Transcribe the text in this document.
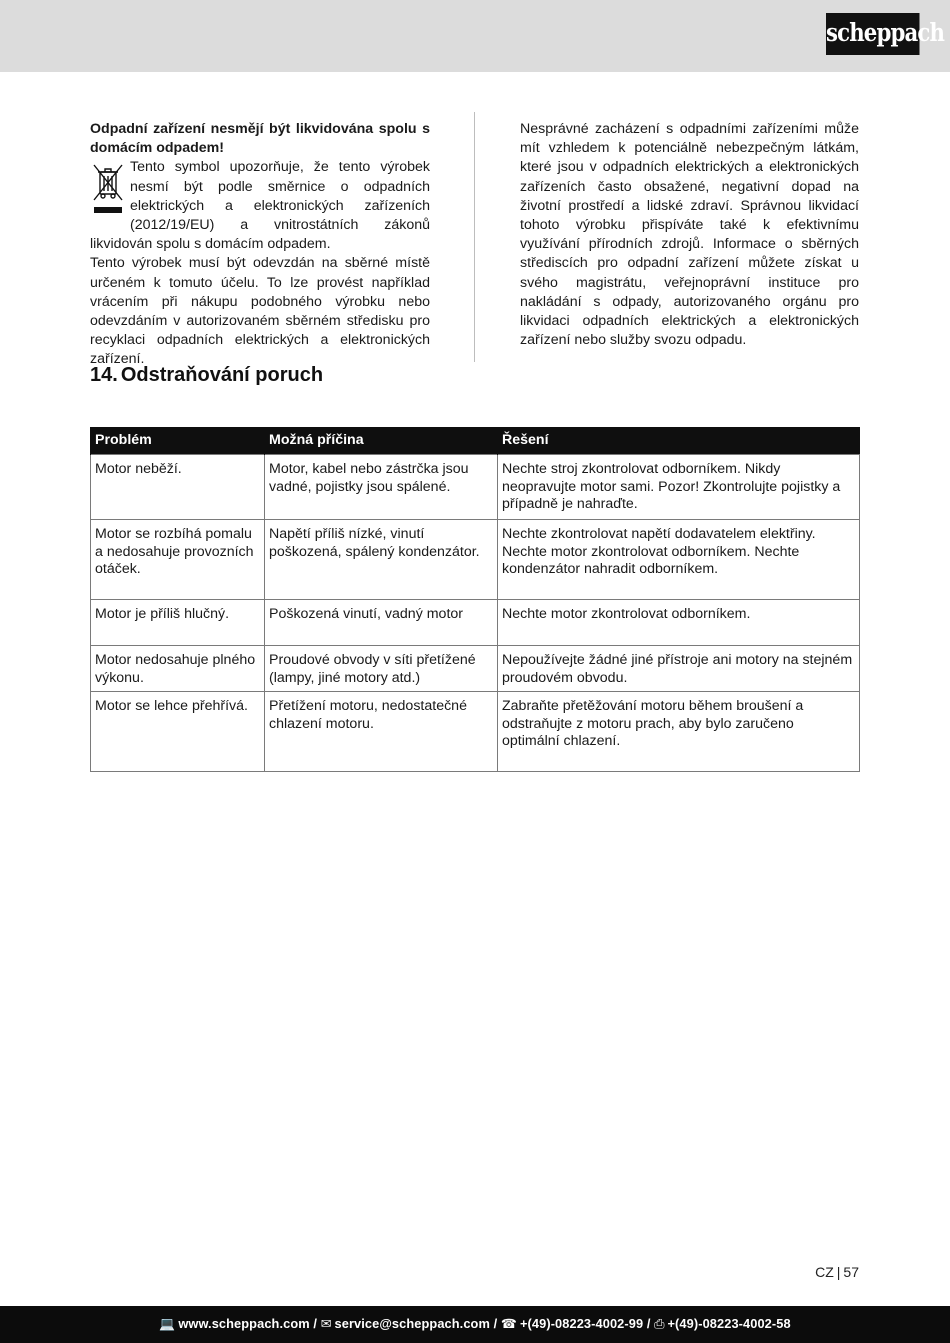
scheppach

Odpadní zařízení nesmějí být likvidována spolu s domácím odpadem!

Tento symbol upozorňuje, že tento výrobek nesmí být podle směrnice o odpadních elektrických a elektronických zařízeních (2012/19/EU) a vnitrostátních zákonů likvidován spolu s domácím odpadem.

Tento výrobek musí být odevzdán na sběrné místě určeném k tomuto účelu. To lze provést například vrácením při nákupu podobného výrobku nebo odevzdáním v autorizovaném sběrném středisku pro recyklaci odpadních elektrických a elektronických zařízení.

Nesprávné zacházení s odpadními zařízeními může mít vzhledem k potenciálně nebezpečným látkám, které jsou v odpadních elektrických a elektronických zařízeních často obsažené, negativní dopad na životní prostředí a lidské zdraví. Správnou likvidací tohoto výrobku přispíváte také k efektivnímu využívání přírodních zdrojů. Informace o sběrných střediscích pro odpadní zařízení můžete získat u svého magistrátu, veřejnoprávní instituce pro nakládání s odpady, autorizovaného orgánu pro likvidaci odpadních elektrických a elektronických zařízení nebo služby svozu odpadu.

14. Odstraňování poruch
Problém	Možná příčina	Řešení
Motor neběží.	Motor, kabel nebo zástrčka jsou vadné, pojistky jsou spálené.	Nechte stroj zkontrolovat odborníkem. Nikdy neopravujte motor sami. Pozor! Zkontrolujte pojistky a případně je nahraďte.
Motor se rozbíhá pomalu a nedosahuje provozních otáček.	Napětí příliš nízké, vinutí poškozená, spálený kondenzátor.	Nechte zkontrolovat napětí dodavatelem elektřiny. Nechte motor zkontrolovat odborníkem. Nechte kondenzátor nahradit odborníkem.
Motor je příliš hlučný.	Poškozená vinutí, vadný motor	Nechte motor zkontrolovat odborníkem.
Motor nedosahuje plného výkonu.	Proudové obvody v síti přetížené (lampy, jiné motory atd.)	Nepoužívejte žádné jiné přístroje ani motory na stejném proudovém obvodu.
Motor se lehce přehřívá.	Přetížení motoru, nedostatečné chlazení motoru.	Zabraňte přetěžování motoru během broušení a odstraňujte z motoru prach, aby bylo zaručeno optimální chlazení.
CZ | 57
💻 www.scheppach.com / ✉ service@scheppach.com / ☎ +(49)-08223-4002-99 / ⎙ +(49)-08223-4002-58
